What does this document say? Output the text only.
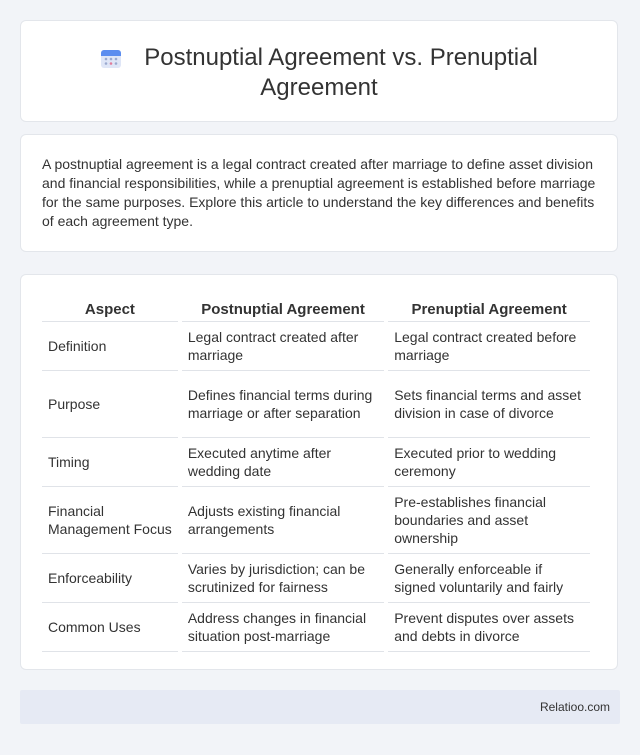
Postnuptial Agreement vs. Prenuptial
Agreement
A postnuptial agreement is a legal contract created after marriage to define asset division and financial responsibilities, while a prenuptial agreement is established before marriage for the same purposes. Explore this article to understand the key differences and benefits of each agreement type.
Aspect	Postnuptial Agreement	Prenuptial Agreement
Definition	Legal contract created after marriage	Legal contract created before marriage
Purpose	Defines financial terms during marriage or after separation	Sets financial terms and asset division in case of divorce
Timing	Executed anytime after wedding date	Executed prior to wedding ceremony
Financial Management Focus	Adjusts existing financial arrangements	Pre-establishes financial boundaries and asset ownership
Enforceability	Varies by jurisdiction; can be scrutinized for fairness	Generally enforceable if signed voluntarily and fairly
Common Uses	Address changes in financial situation post-marriage	Prevent disputes over assets and debts in divorce
Relatioo.com
